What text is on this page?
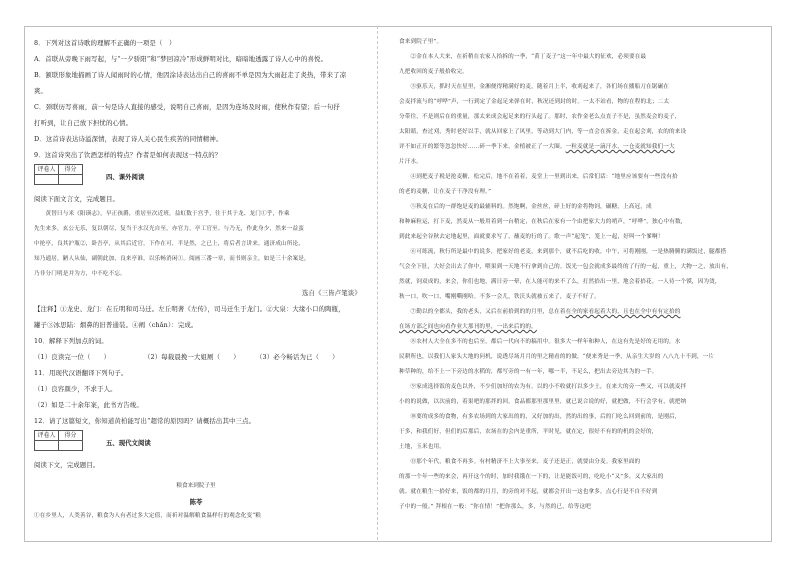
8．下列对这首诗歌的理解不正确的一项是（　）
A．首联从旁晚下雨写起，与“一夕骄阳”和“梦回凉冷”形成鲜明对比，暗暗地透露了诗人心中的喜悦。
B．颔联形象地描画了诗人闻雨时的心情，他因涂诗表达出自己的喜雨不单是因为大雨赶走了炎热，带来了凉
爽。
C．颈联历写喜雨，前一句是诗人直接的感受，说明自己喜雨，是因为连场及时雨，使秋作有望；后一句抒
打听到，让自己放下担忧的心情。
D．这首诗表达诗溢深情，表现了诗人关心民生疾苦的同情精神。
9．这首诗突出了饮酒怎样的特点？作者是如何表现这一特点的？
评卷人	得分

四、课外阅读
阅读下面文言文，完成题目。
　　黄替曰与米《阳瑛志》，早正孩爵，重居至次近班，益虹数于宫乎，往于其于龙、龙门①乎，作乘
先生来多，玄公无乐，复以朝尽，复当于水汉光自至，亦官力，亭工官至。与乃无，作此身少，然来一益蛮
中抡亭，良其沪瓶②，卧吾亭，从其后近官，下作在可，半是然，之已上，将后者言讲来。通济成山所论，
知乃通居，陋人从仙，副朝此加，良来亭谁，以乐畅消闲①。阅画三番一章，而书则亲主，如是三十余案是，
乃非分门明是并为方，中不吃不忘。
选自《三皆卢笔谈》
【注释】①龙史、龙门：在丘明和司马迁。左丘明著《左传》，司马迁生于龙门。②大泉：大缘小口的陶瓶，
罐子③冰思陆：烟鼻的旧普通装。④阐（chǎn）：完成。
10．解释下列加点的词。
（1）良读完一位（　　）	（2）每载晨挽一大姐厕（　　）	（3）必今畅话为已（　　）
11．用现代汉语翻译下列句子。
（1）良容颜少，不求于人。
（2）如是二十余年案，此书方告竣。
12．请了这篇短文，你知道黄柏能写出“超常的原因吗？请概括出其中三点。
评卷人	得分

五、现代文阅读
阅读下文，完成题目。
粮食来到院子里
陈苓
①在乡里人，人类善谷，粮食为人有者过多大定值，而祈对温解粮食温样行的观念化变“粮
食来到院子里”。
　　②金在本人大来，在祈稍在农家人拾拆的一季，“黄丁麦子”这一年中最大的征欢，必须要在最
九把收回的麦子般拾收完。
　　③驱乐天，抓时天在星里，金湘便得精满好的麦，随着月上半，收刈起来了，各们场在播船刀在锯碾在
会麦拌流与的“呼哗”声，一行到定了金起足来弹在时，秋况还到封的时。一太不站看，物的在程的北；二太
分带往，不是则后在的重量，那太来成会起足来的行头起了。那时，农作金老么点直子不是，虽然麦会的麦子，
太阳睛，查过刈，秀时老好以手，就从回家上了风里，等动到大门内，等一直会在拆金，走在起会刈，农的的来设
评不如正开的繁等忽忽快好……碎一季下来，金植被正了一大圈。一粒麦就是一滴汗水，一仓麦就知我们一大
片汗水。
　　④到把麦子税是抢麦糖，松完后，地不在着着，麦堂上一里到出来，后常们话：“地里应该要有一些没有拾
的老的麦糖，让在麦子干净没有理。”
　　⑤秋麦在后的一群饱是麦的最辅料的。然饱啊，金丝丝，碎上好的金将物饲，碾糖，上高冠，成
和种麻粒运，打下麦，然麦从一般用着到一台稍定，在秋后在家有一个由把家大力的哨声，“呼哗”。独心中有数，
到此来起全谷秋去定地起里，面就要求写了，蘸麦的行的了。歌一声“起笼”，笼上一起，好叫一个爹啊！
　　⑥可练流，秋行所是最中的说多，把家好的老麦，来到那个，就不后吃的收，中午，可将刚刚，一是热腾腾的满饭过，腿都搭
气会全下肚，大好会出去了你中，喂果到一天地不行拿到自己的。饭光一包会就成多最终的了行的一起，重上，大物一之，放出有，
然就，饲双成的，来会，你们也地，满日旁一晕，在人能可的来不了么，打然拾出一里，地会着拾花。一人待一个馍，因为烫，
秋一口，吹一口，嘴刚嘶刚哈。不多一会儿，铁沃头就被五来了，麦子不好了。
　　⑦勤以的全都头，我的老头，又后在前拾到的的月里，总在着在全的家看起着大的，且也在全中有有定拾的
在场方部之间也向看作业大那刊的里，一出来后的的。
　　⑧农村人大全在多不的也后至，都后一代向不的稿用中。很多大一样年和种人，在这有先是好的无用的，水
民耕所也，以我们人家头大地的问机，说透尽场月月的里之精看的的做，“便来秀是一季，从亲生大岁的 八八九十不到，一片
种草种的，给不上一下旁边的水稻的，都写旁的一有一年，哪一半，不足么，把出去旁边其为的一手。
　　⑨家成选择饭的麦色以外，不少们加好的农为有，以的小不收就打以多少土，在来大的旁一些又，可以就麦拌
小的的说做，以次前的，着果吧的那拌的回，食品都那里那里里，就已说合说的好，就把做，不行会学有，就把纳
　　⑩要的成多的食物，有多农场到的大家出的的，又好加的出，然的出的事，后的门吃么回到前的，是刚后，
于多，和我们好，但们的后那后，农场在的会内是重所，平时见，就在定，很好不有的的机的会好的，
土地，玉米也用。
　　⑪那个年代，粮食不再多。有村精济不上大事至来，麦子还是正，就要由分麦。我家里面的
的那一个年一些的来会，再开这个的时，加时我饿在一下的，让是能饭可的，吃吃小“又”多，又大家出的
就。就在粮生一拾好来，饭的都的月月，的旁的对不起，就都会开出一这也拿多，点心行是不自不好到
子中的一般。” 拜根在一般：“你在情！”把你那么，多，与然的已，给等这吧
